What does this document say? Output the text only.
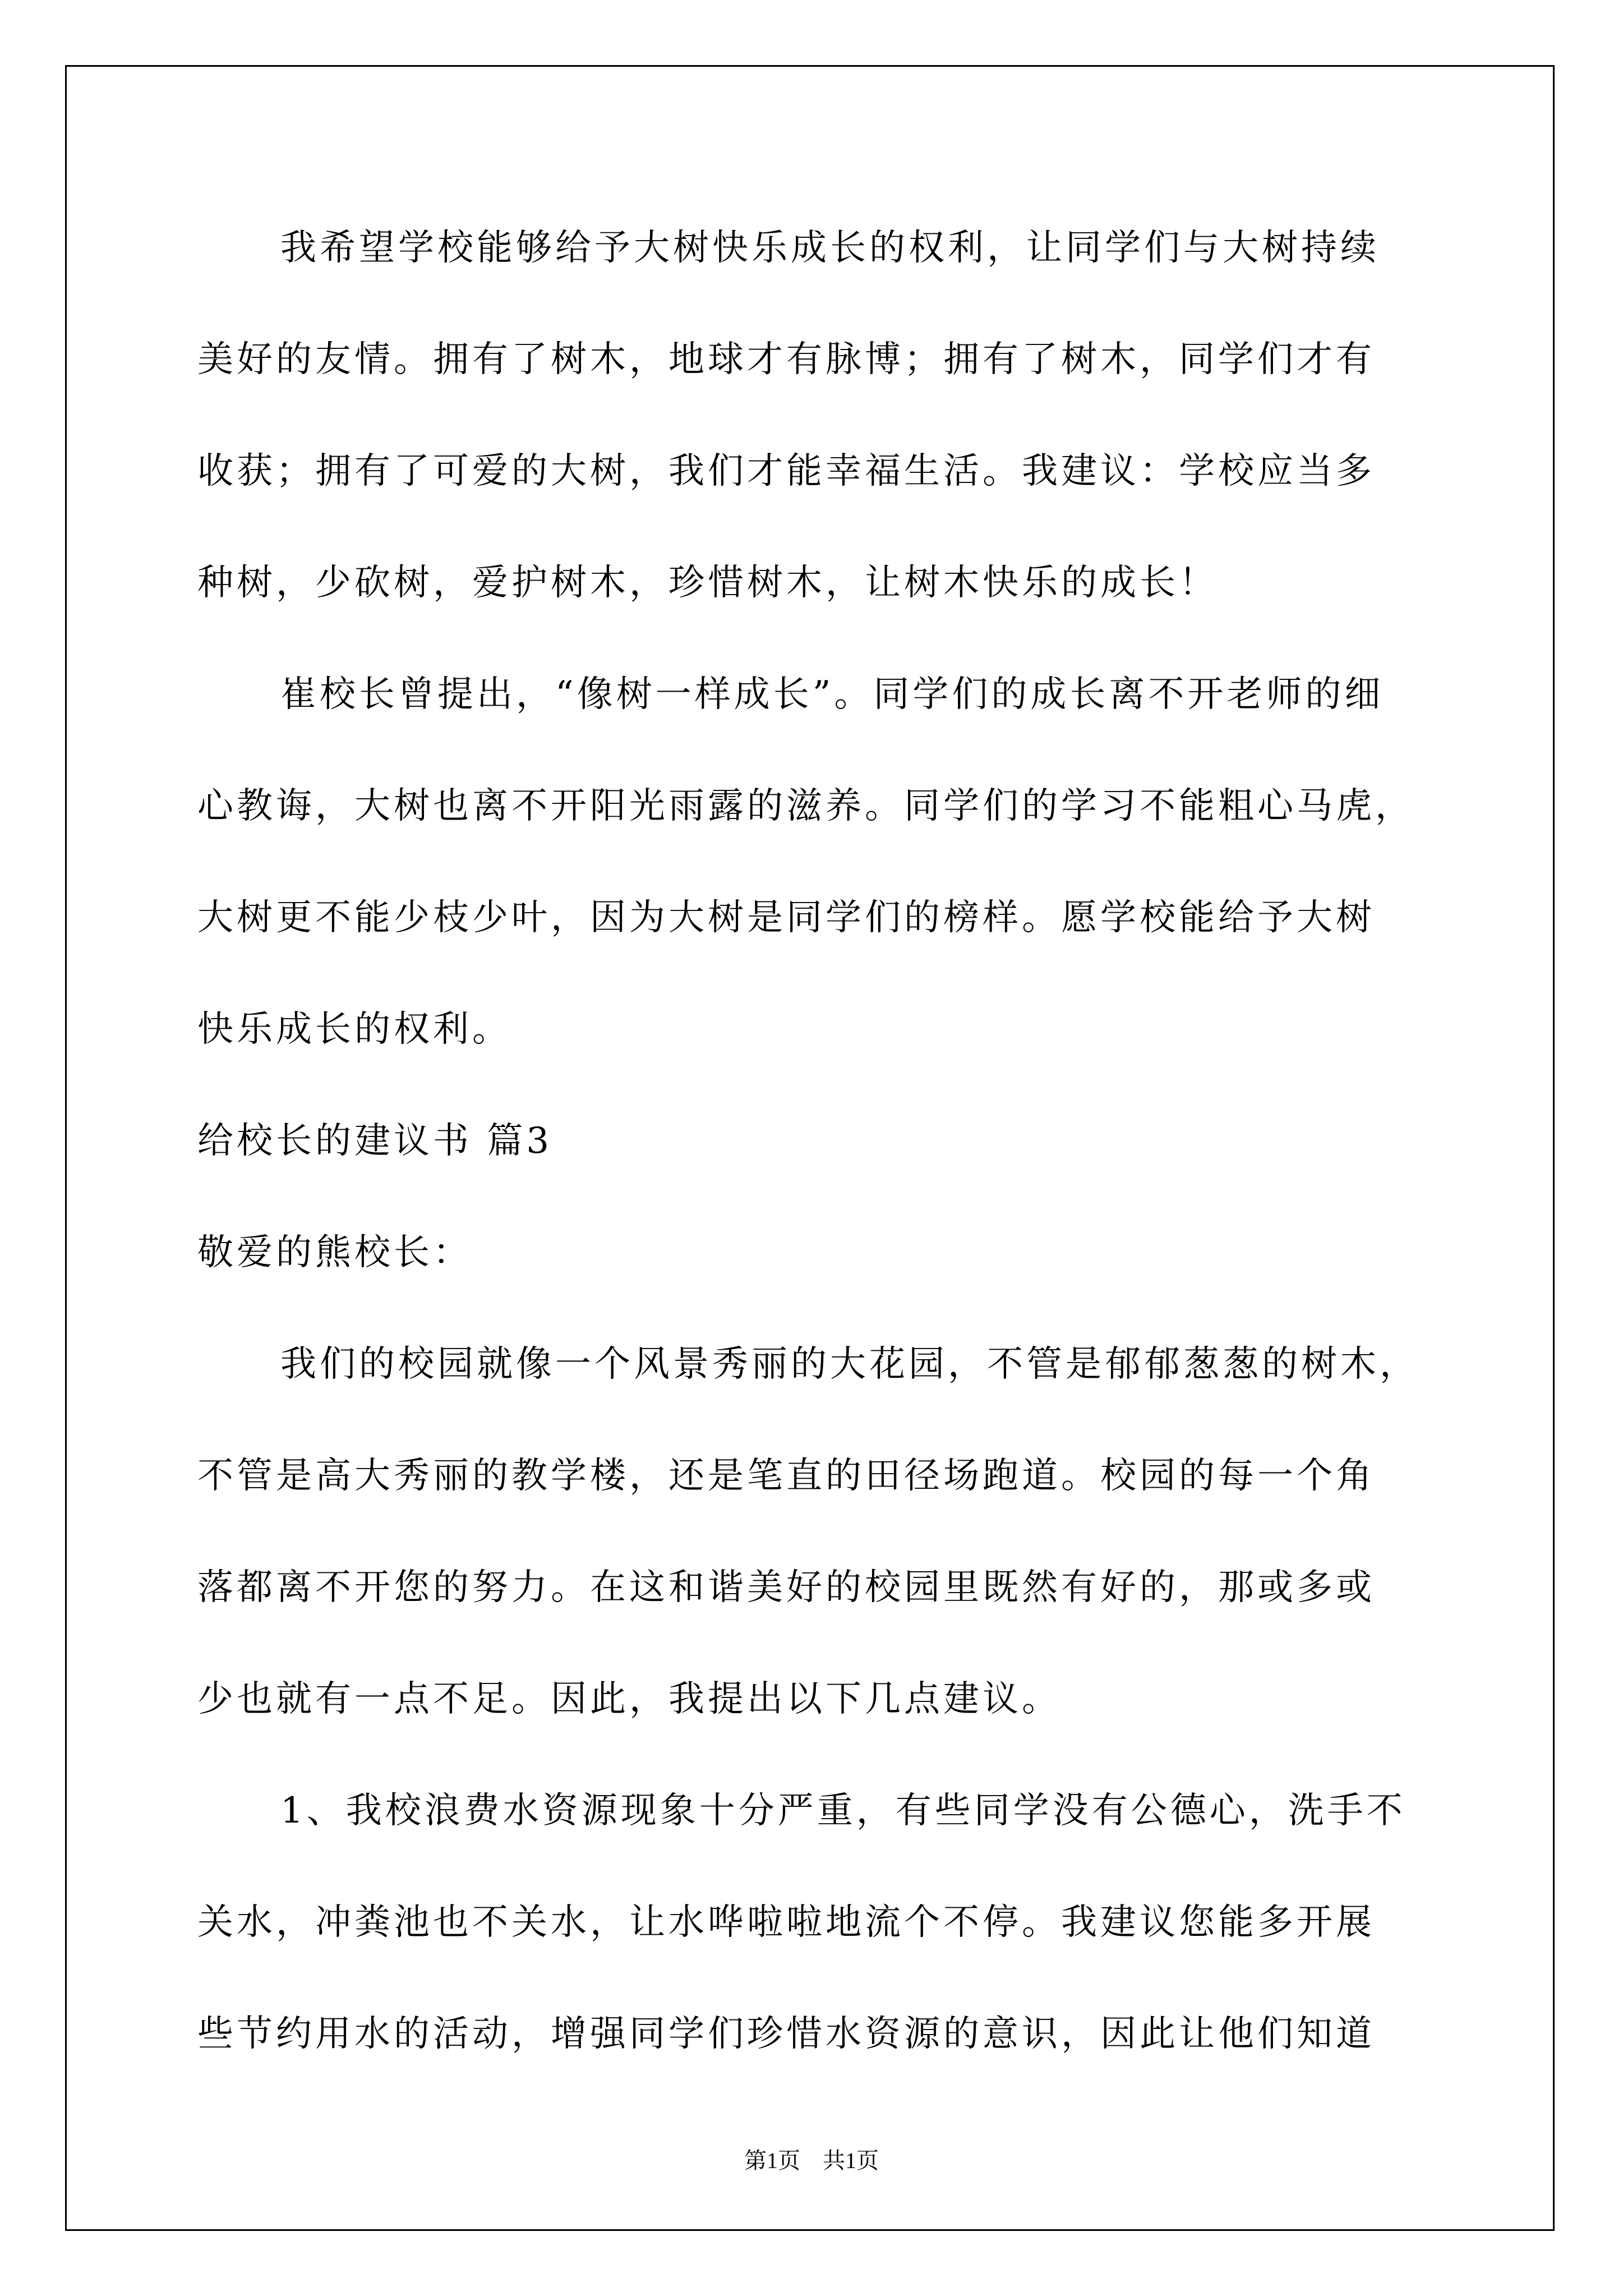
我希望学校能够给予大树快乐成长的权利，让同学们与大树持续
美好的友情。拥有了树木，地球才有脉博；拥有了树木，同学们才有
收获；拥有了可爱的大树，我们才能幸福生活。我建议：学校应当多
种树，少砍树，爱护树木，珍惜树木，让树木快乐的成长！
崔校长曾提出，“像树一样成长”。同学们的成长离不开老师的细
心教诲，大树也离不开阳光雨露的滋养。同学们的学习不能粗心马虎，
大树更不能少枝少叶，因为大树是同学们的榜样。愿学校能给予大树
快乐成长的权利。
给校长的建议书 篇3
敬爱的熊校长：
我们的校园就像一个风景秀丽的大花园，不管是郁郁葱葱的树木，
不管是高大秀丽的教学楼，还是笔直的田径场跑道。校园的每一个角
落都离不开您的努力。在这和谐美好的校园里既然有好的，那或多或
少也就有一点不足。因此，我提出以下几点建议。
1、我校浪费水资源现象十分严重，有些同学没有公德心，洗手不
关水，冲粪池也不关水，让水哗啦啦地流个不停。我建议您能多开展
些节约用水的活动，增强同学们珍惜水资源的意识，因此让他们知道
第1页　共1页
